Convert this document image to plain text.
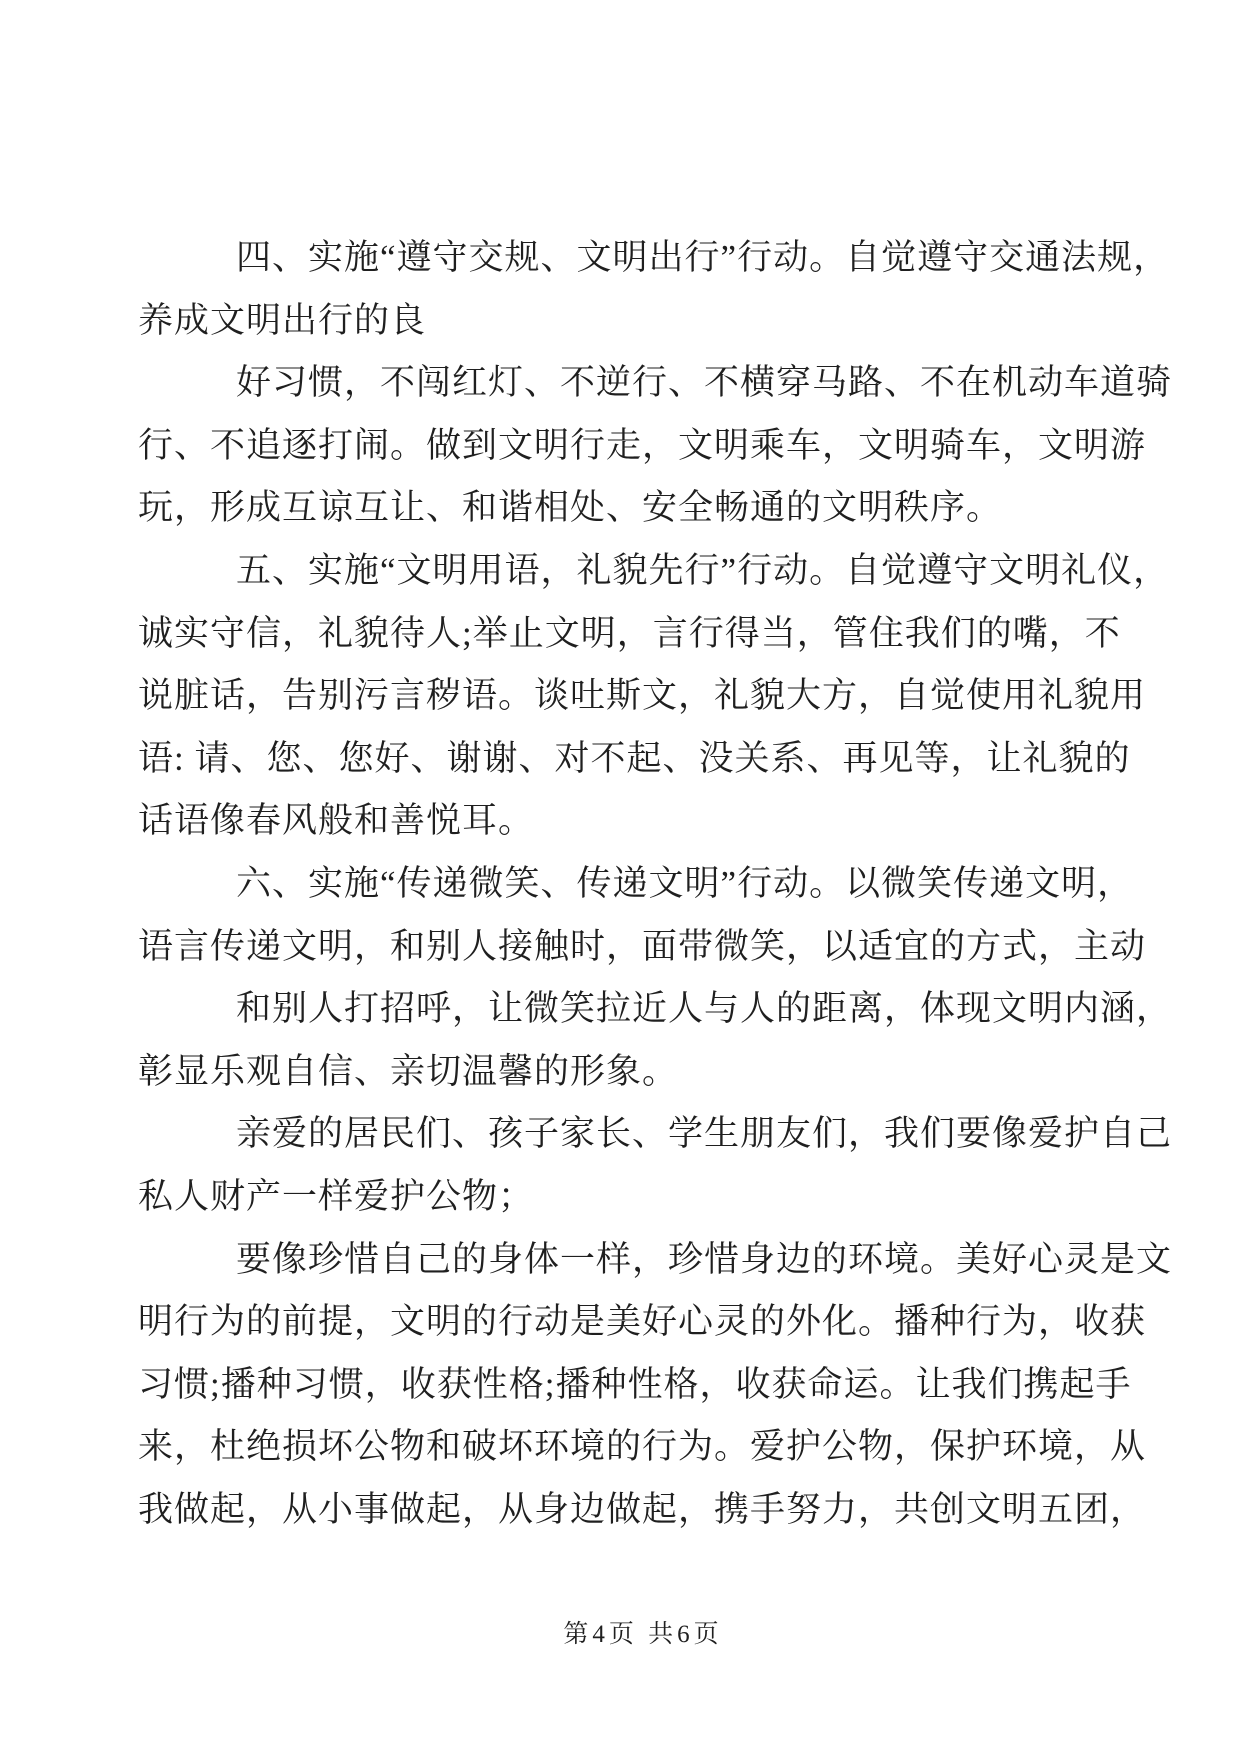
四、实施“遵守交规、文明出行”行动。自觉遵守交通法规，
养成文明出行的良
好习惯，不闯红灯、不逆行、不横穿马路、不在机动车道骑
行、不追逐打闹。做到文明行走，文明乘车，文明骑车，文明游
玩，形成互谅互让、和谐相处、安全畅通的文明秩序。
五、实施“文明用语，礼貌先行”行动。自觉遵守文明礼仪，
诚实守信，礼貌待人;举止文明，言行得当，管住我们的嘴，不
说脏话，告别污言秽语。谈吐斯文，礼貌大方，自觉使用礼貌用
语: 请、您、您好、谢谢、对不起、没关系、再见等，让礼貌的
话语像春风般和善悦耳。
六、实施“传递微笑、传递文明”行动。以微笑传递文明，
语言传递文明，和别人接触时，面带微笑，以适宜的方式，主动
和别人打招呼，让微笑拉近人与人的距离，体现文明内涵，
彰显乐观自信、亲切温馨的形象。
亲爱的居民们、孩子家长、学生朋友们，我们要像爱护自己
私人财产一样爱护公物；
要像珍惜自己的身体一样，珍惜身边的环境。美好心灵是文
明行为的前提，文明的行动是美好心灵的外化。播种行为，收获
习惯;播种习惯，收获性格;播种性格，收获命运。让我们携起手
来，杜绝损坏公物和破坏环境的行为。爱护公物，保护环境，从
我做起，从小事做起，从身边做起，携手努力，共创文明五团，
第4页 共6页
